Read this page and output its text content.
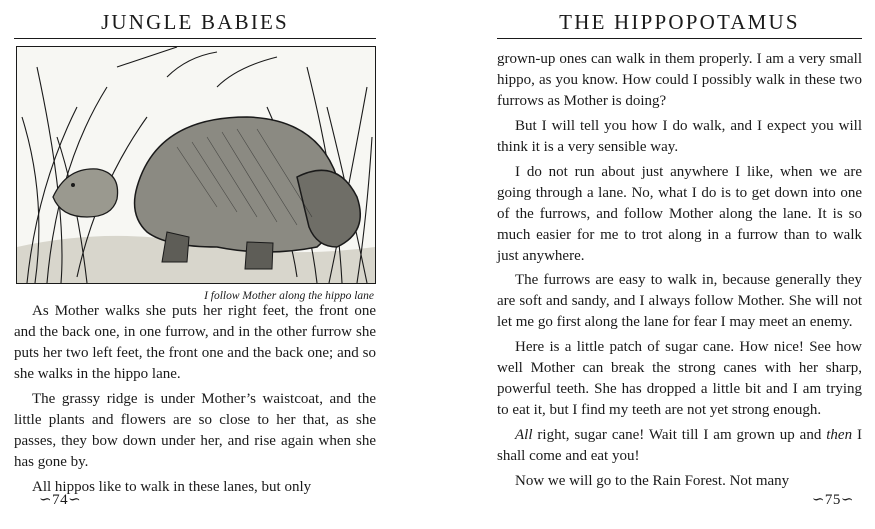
JUNGLE BABIES
I follow Mother along the hippo lane

As Mother walks she puts her right feet, the front one and the back one, in one furrow, and in the other furrow she puts her two left feet, the front one and the back one; and so she walks in the hippo lane.

The grassy ridge is under Mother’s waistcoat, and the little plants and flowers are so close to her that, as she passes, they bow down under her, and rise again when she has gone by.

All hippos like to walk in these lanes, but only

∽74∽
THE HIPPOPOTAMUS

grown-up ones can walk in them properly. I am a very small hippo, as you know. How could I possibly walk in these two furrows as Mother is doing?

But I will tell you how I do walk, and I expect you will think it is a very sensible way.

I do not run about just anywhere I like, when we are going through a lane. No, what I do is to get down into one of the furrows, and follow Mother along the lane. It is so much easier for me to trot along in a furrow than to walk just anywhere.

The furrows are easy to walk in, because generally they are soft and sandy, and I always follow Mother. She will not let me go first along the lane for fear I may meet an enemy.

Here is a little patch of sugar cane. How nice! See how well Mother can break the strong canes with her sharp, powerful teeth. She has dropped a little bit and I am trying to eat it, but I find my teeth are not yet strong enough.

All right, sugar cane! Wait till I am grown up and then I shall come and eat you!

Now we will go to the Rain Forest. Not many

∽75∽
